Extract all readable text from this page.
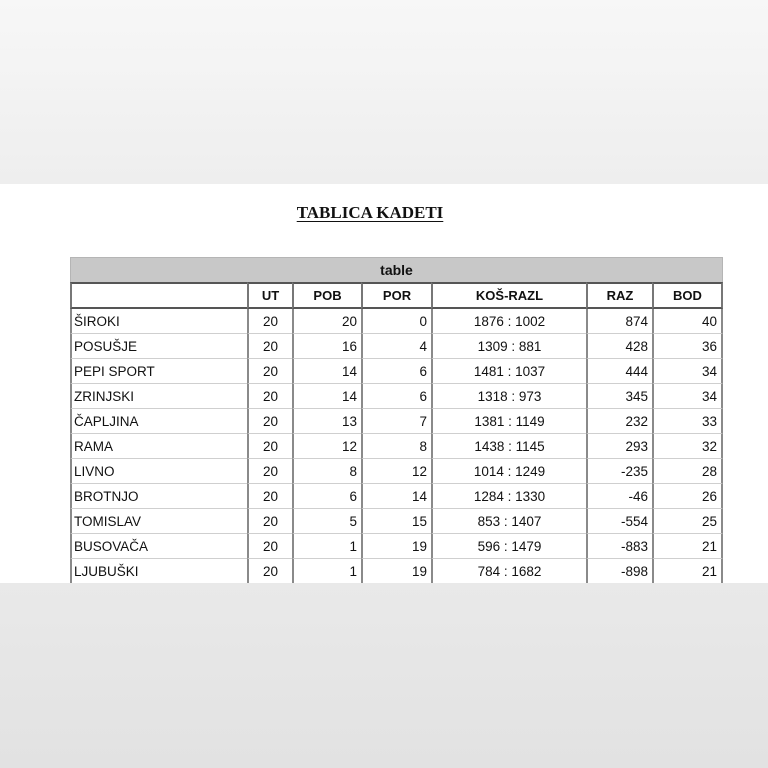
TABLICA KADETI
table
	UT	POB	POR	KOŠ-RAZL	RAZ	BOD
ŠIROKI	20	20	0	1876 : 1002	874	40
POSUŠJE	20	16	4	1309 : 881	428	36
PEPI SPORT	20	14	6	1481 : 1037	444	34
ZRINJSKI	20	14	6	1318 : 973	345	34
ČAPLJINA	20	13	7	1381 : 1149	232	33
RAMA	20	12	8	1438 : 1145	293	32
LIVNO	20	8	12	1014 : 1249	-235	28
BROTNJO	20	6	14	1284 : 1330	-46	26
TOMISLAV	20	5	15	853 : 1407	-554	25
BUSOVAČA	20	1	19	596 : 1479	-883	21
LJUBUŠKI	20	1	19	784 : 1682	-898	21
